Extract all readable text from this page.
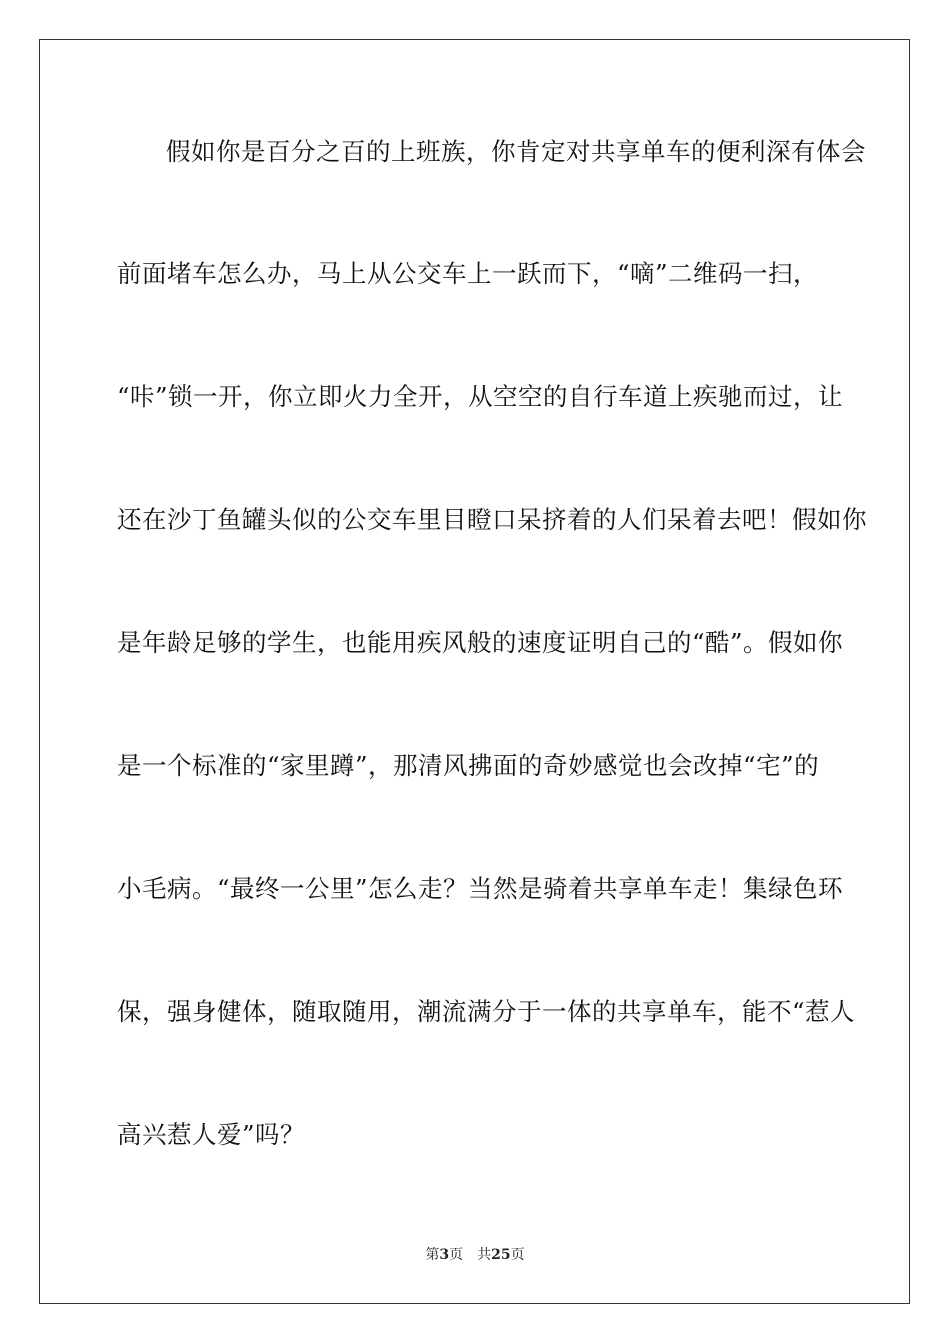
假如你是百分之百的上班族，你肯定对共享单车的便利深有体会
前面堵车怎么办，马上从公交车上一跃而下，“嘀”二维码一扫，
“咔”锁一开，你立即火力全开，从空空的自行车道上疾驰而过，让
还在沙丁鱼罐头似的公交车里目瞪口呆挤着的人们呆着去吧！假如你
是年龄足够的学生，也能用疾风般的速度证明自己的“酷”。假如你
是一个标准的“家里蹲”，那清风拂面的奇妙感觉也会改掉“宅”的
小毛病。“最终一公里”怎么走？当然是骑着共享单车走！集绿色环
保，强身健体，随取随用，潮流满分于一体的共享单车，能不“惹人
高兴惹人爱”吗？
第3页 共25页
